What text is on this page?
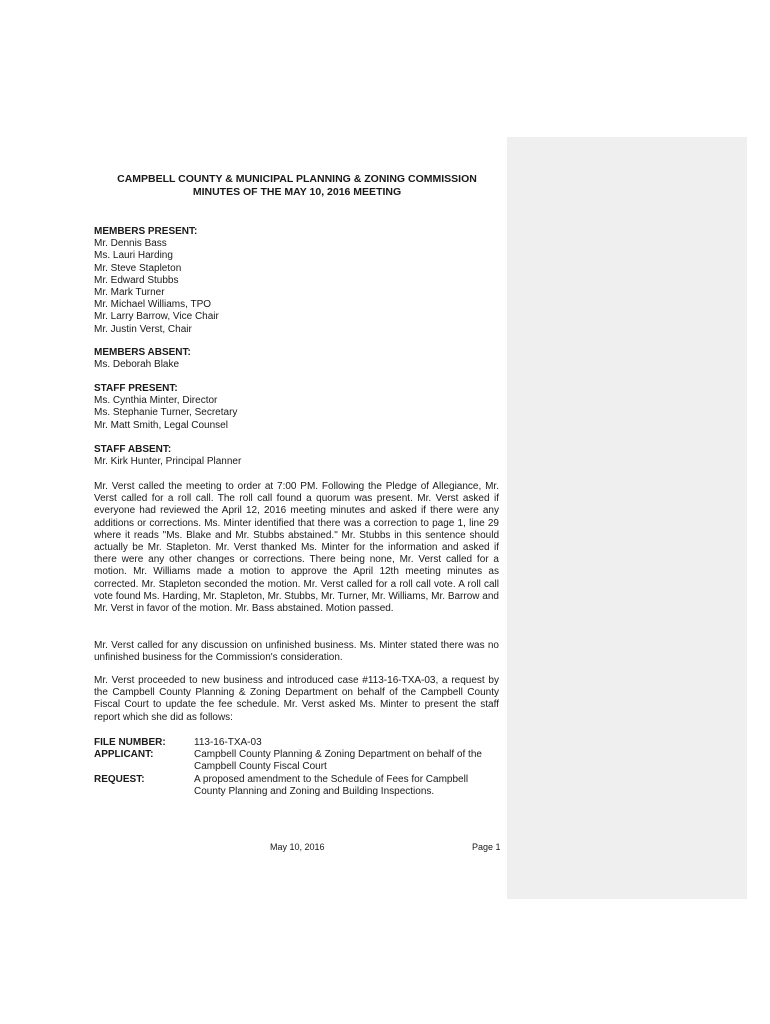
CAMPBELL COUNTY & MUNICIPAL PLANNING & ZONING COMMISSION
MINUTES OF THE MAY 10, 2016 MEETING
MEMBERS PRESENT:
Mr. Dennis Bass
Ms. Lauri Harding
Mr. Steve Stapleton
Mr. Edward Stubbs
Mr. Mark Turner
Mr. Michael Williams, TPO
Mr. Larry Barrow, Vice Chair
Mr. Justin Verst, Chair
MEMBERS ABSENT:
Ms. Deborah Blake
STAFF PRESENT:
Ms. Cynthia Minter, Director
Ms. Stephanie Turner, Secretary
Mr. Matt Smith, Legal Counsel
STAFF ABSENT:
Mr. Kirk Hunter, Principal Planner
Mr. Verst called the meeting to order at 7:00 PM. Following the Pledge of Allegiance, Mr. Verst called for a roll call. The roll call found a quorum was present. Mr. Verst asked if everyone had reviewed the April 12, 2016 meeting minutes and asked if there were any additions or corrections. Ms. Minter identified that there was a correction to page 1, line 29 where it reads "Ms. Blake and Mr. Stubbs abstained." Mr. Stubbs in this sentence should actually be Mr. Stapleton. Mr. Verst thanked Ms. Minter for the information and asked if there were any other changes or corrections. There being none, Mr. Verst called for a motion. Mr. Williams made a motion to approve the April 12th meeting minutes as corrected. Mr. Stapleton seconded the motion. Mr. Verst called for a roll call vote. A roll call vote found Ms. Harding, Mr. Stapleton, Mr. Stubbs, Mr. Turner, Mr. Williams, Mr. Barrow and Mr. Verst in favor of the motion. Mr. Bass abstained. Motion passed.
Mr. Verst called for any discussion on unfinished business. Ms. Minter stated there was no unfinished business for the Commission's consideration.
Mr. Verst proceeded to new business and introduced case #113-16-TXA-03, a request by the Campbell County Planning & Zoning Department on behalf of the Campbell County Fiscal Court to update the fee schedule. Mr. Verst asked Ms. Minter to present the staff report which she did as follows:
FILE NUMBER:	113-16-TXA-03
APPLICANT:	Campbell County Planning & Zoning Department on behalf of the Campbell County Fiscal Court
REQUEST:	A proposed amendment to the Schedule of Fees for Campbell County Planning and Zoning and Building Inspections.
May 10, 2016	Page 1
